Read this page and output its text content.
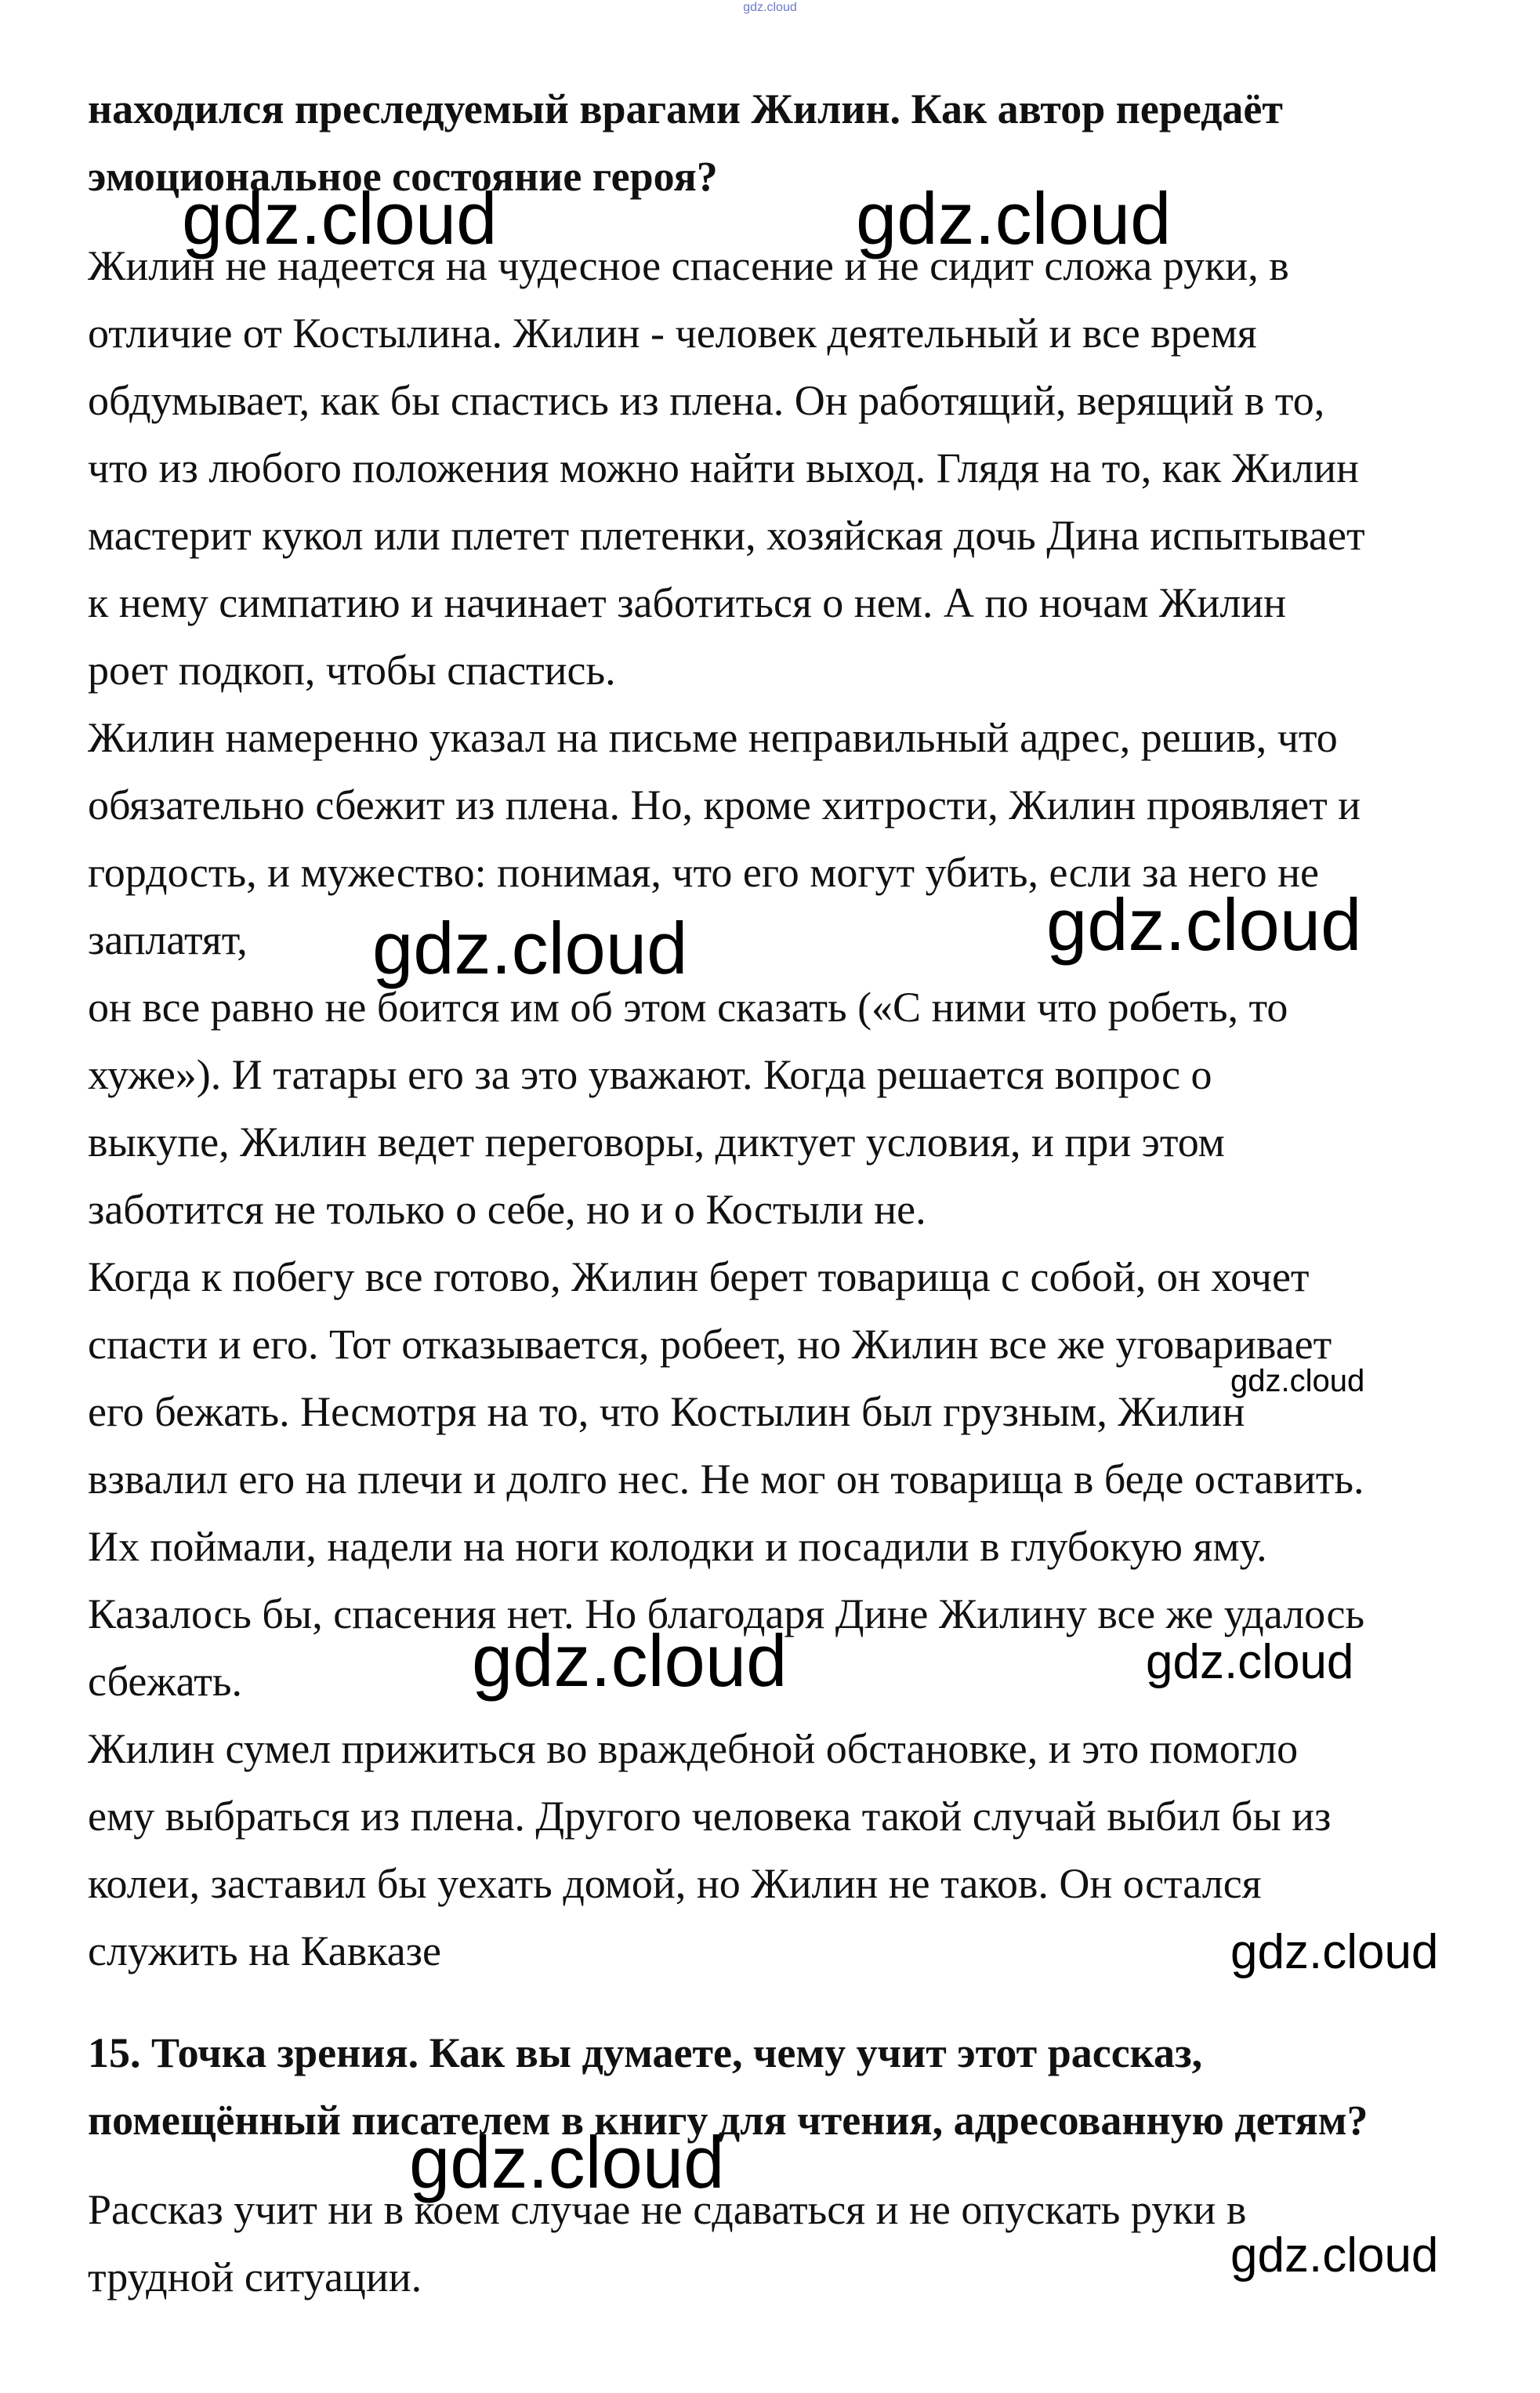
gdz.cloud
находился преследуемый врагами Жилин. Как автор передаёт
эмоциональное состояние героя?
Жилин не надеется на чудесное спасение и не сидит сложа руки, в
отличие от Костылина. Жилин - человек деятельный и все время
обдумывает, как бы спастись из плена. Он работящий, верящий в то,
что из любого положения можно найти выход. Глядя на то, как Жилин
мастерит кукол или плетет плетенки, хозяйская дочь Дина испытывает
к нему симпатию и начинает заботиться о нем. А по ночам Жилин
роет подкоп, чтобы спастись.
Жилин намеренно указал на письме неправильный адрес, решив, что
обязательно сбежит из плена. Но, кроме хитрости, Жилин проявляет и
гордость, и мужество: понимая, что его могут убить, если за него не
заплатят,
он все равно не боится им об этом сказать («С ними что робеть, то
хуже»). И татары его за это уважают. Когда решается вопрос о
выкупе, Жилин ведет переговоры, диктует условия, и при этом
заботится не только о себе, но и о Костыли не.
Когда к побегу все готово, Жилин берет товарища с собой, он хочет
спасти и его. Тот отказывается, робеет, но Жилин все же уговаривает
его бежать. Несмотря на то, что Костылин был грузным, Жилин
взвалил его на плечи и долго нес. Не мог он товарища в беде оставить.
Их поймали, надели на ноги колодки и посадили в глубокую яму.
Казалось бы, спасения нет. Но благодаря Дине Жилину все же удалось
сбежать.
Жилин сумел прижиться во враждебной обстановке, и это помогло
ему выбраться из плена. Другого человека такой случай выбил бы из
колеи, заставил бы уехать домой, но Жилин не таков. Он остался
служить на Кавказе
15. Точка зрения. Как вы думаете, чему учит этот рассказ,
помещённый писателем в книгу для чтения, адресованную детям?
Рассказ учит ни в коем случае не сдаваться и не опускать руки в
трудной ситуации.
gdz.cloud	gdz.cloud
gdz.cloud	gdz.cloud
gdz.cloud
gdz.cloud	gdz.cloud
gdz.cloud
gdz.cloud
gdz.cloud
